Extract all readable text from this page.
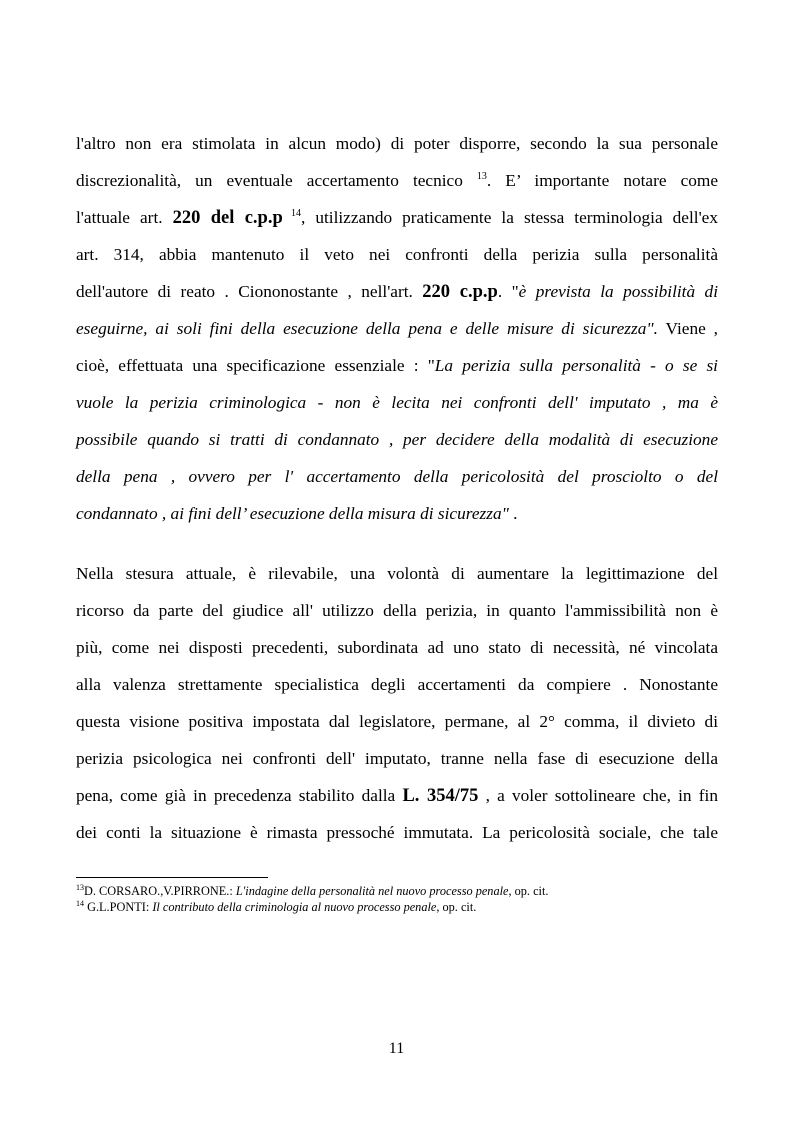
l'altro non era stimolata in alcun modo) di poter disporre, secondo la sua personale
discrezionalità, un eventuale accertamento tecnico $^{13}$. E’ importante notare come
l'attuale art. 220 del c.p.p $^{14}$, utilizzando praticamente la stessa terminologia dell'ex
art. 314, abbia mantenuto il veto nei confronti della perizia sulla personalità
dell'autore di reato . Ciononostante , nell'art. 220 c.p.p. "è prevista la possibilità di
eseguirne, ai soli fini della esecuzione della pena e delle misure di sicurezza". Viene ,
cioè, effettuata una specificazione essenziale : "La perizia sulla personalità - o se si
vuole la perizia criminologica - non è lecita nei confronti dell' imputato , ma è
possibile quando si tratti di condannato , per decidere della modalità di esecuzione
della pena , ovvero per l' accertamento della pericolosità del prosciolto o del
condannato , ai fini dell’ esecuzione della misura di sicurezza" .
Nella stesura attuale, è rilevabile, una volontà di aumentare la legittimazione del
ricorso da parte del giudice all' utilizzo della perizia, in quanto l'ammissibilità non è
più, come nei disposti precedenti, subordinata ad uno stato di necessità, né vincolata
alla valenza strettamente specialistica degli accertamenti da compiere . Nonostante
questa visione positiva impostata dal legislatore, permane, al 2° comma, il divieto di
perizia psicologica nei confronti dell' imputato, tranne nella fase di esecuzione della
pena, come già in precedenza stabilito dalla L. 354/75 , a voler sottolineare che, in fin
dei conti la situazione è rimasta pressoché immutata. La pericolosità sociale, che tale
$^{13}$D. CORSARO.,V.PIRRONE.: L'indagine della personalità nel nuovo processo penale, op. cit.
$^{14}$ G.L.PONTI: Il contributo della criminologia al nuovo processo penale, op. cit.
11
